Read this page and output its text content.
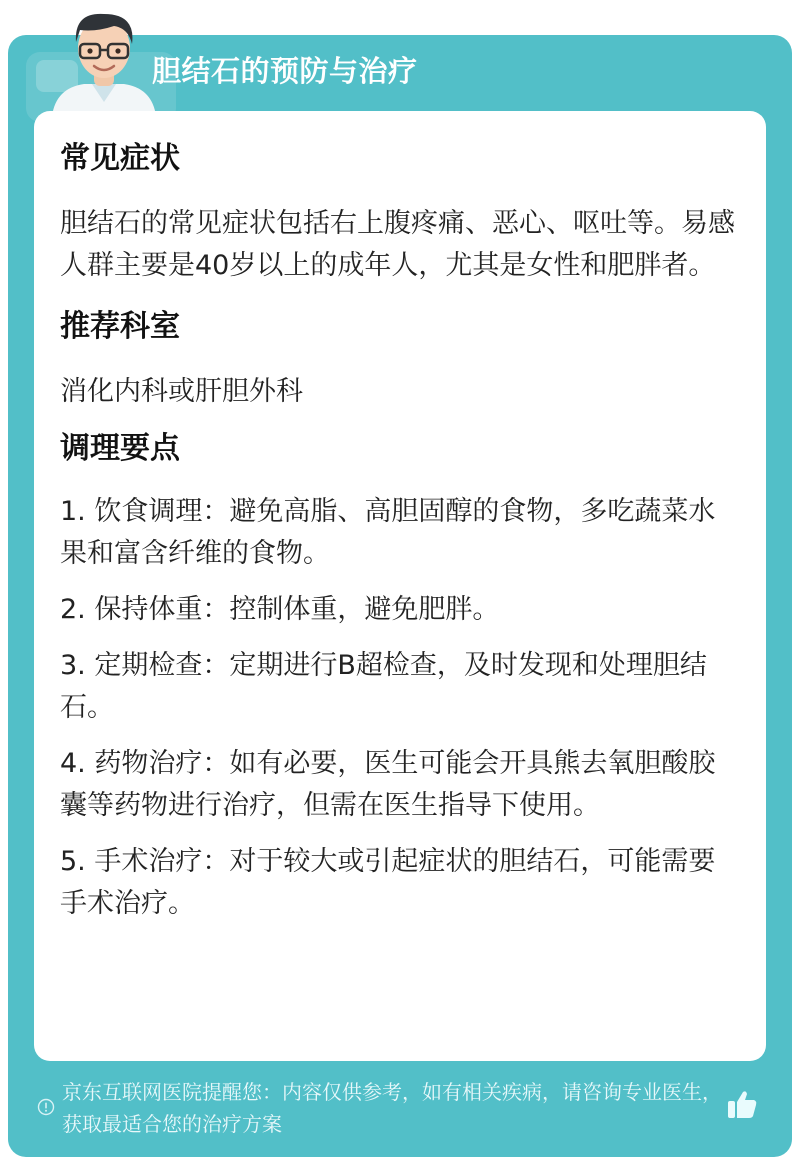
胆结石的预防与治疗

常见症状

胆结石的常见症状包括右上腹疼痛、恶心、呕吐等。易感人群主要是40岁以上的成年人，尤其是女性和肥胖者。

推荐科室

消化内科或肝胆外科

调理要点

1. 饮食调理：避免高脂、高胆固醇的食物，多吃蔬菜水果和富含纤维的食物。

2. 保持体重：控制体重，避免肥胖。

3. 定期检查：定期进行B超检查，及时发现和处理胆结石。

4. 药物治疗：如有必要，医生可能会开具熊去氧胆酸胶囊等药物进行治疗，但需在医生指导下使用。

5. 手术治疗：对于较大或引起症状的胆结石，可能需要手术治疗。

京东互联网医院提醒您：内容仅供参考，如有相关疾病，请咨询专业医生，获取最适合您的治疗方案
